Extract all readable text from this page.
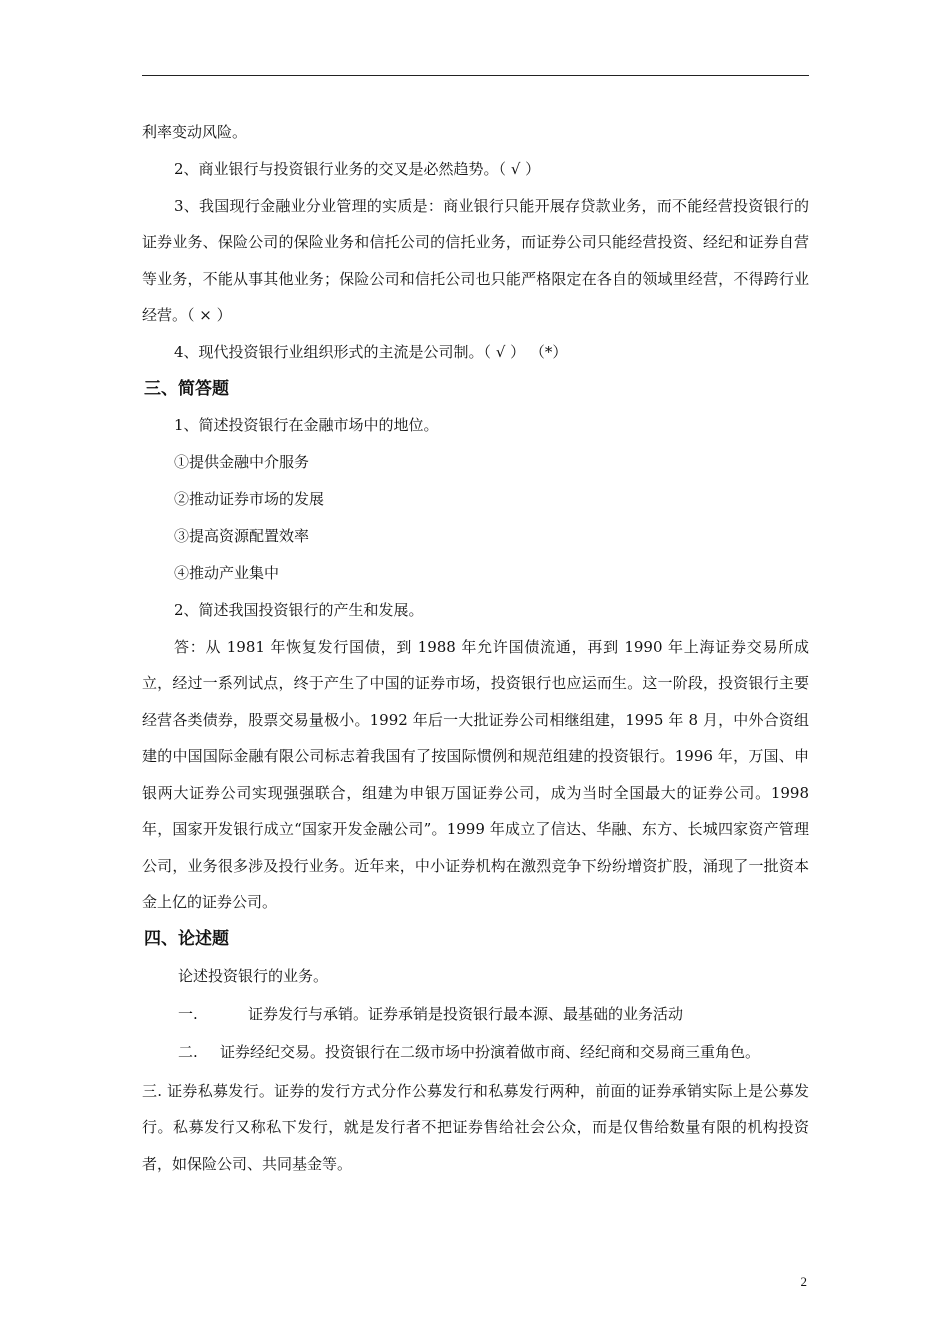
利率变动风险。

2、商业银行与投资银行业务的交叉是必然趋势。（ √ ）

3、我国现行金融业分业管理的实质是：商业银行只能开展存贷款业务，而不能经营投资银行的证券业务、保险公司的保险业务和信托公司的信托业务，而证券公司只能经营投资、经纪和证券自营等业务，不能从事其他业务；保险公司和信托公司也只能严格限定在各自的领域里经营，不得跨行业经营。（ × ）

4、现代投资银行业组织形式的主流是公司制。（ √ ） （*）

三、简答题

1、简述投资银行在金融市场中的地位。

①提供金融中介服务

②推动证券市场的发展

③提高资源配置效率

④推动产业集中

2、简述我国投资银行的产生和发展。

答：从 1981 年恢复发行国债，到 1988 年允许国债流通，再到 1990 年上海证券交易所成立，经过一系列试点，终于产生了中国的证券市场，投资银行也应运而生。这一阶段，投资银行主要经营各类债券，股票交易量极小。1992 年后一大批证券公司相继组建，1995 年 8 月，中外合资组建的中国国际金融有限公司标志着我国有了按国际惯例和规范组建的投资银行。1996 年，万国、申银两大证券公司实现强强联合，组建为申银万国证券公司，成为当时全国最大的证券公司。1998 年，国家开发银行成立“国家开发金融公司”。1999 年成立了信达、华融、东方、长城四家资产管理公司，业务很多涉及投行业务。近年来，中小证券机构在激烈竞争下纷纷增资扩股，涌现了一批资本金上亿的证券公司。

四、论述题
论述投资银行的业务。
一.	证券发行与承销。证券承销是投资银行最本源、最基础的业务活动
二.	证券经纪交易。投资银行在二级市场中扮演着做市商、经纪商和交易商三重角色。

三. 证券私募发行。证券的发行方式分作公募发行和私募发行两种，前面的证券承销实际上是公募发行。私募发行又称私下发行，就是发行者不把证券售给社会公众，而是仅售给数量有限的机构投资者，如保险公司、共同基金等。

2
